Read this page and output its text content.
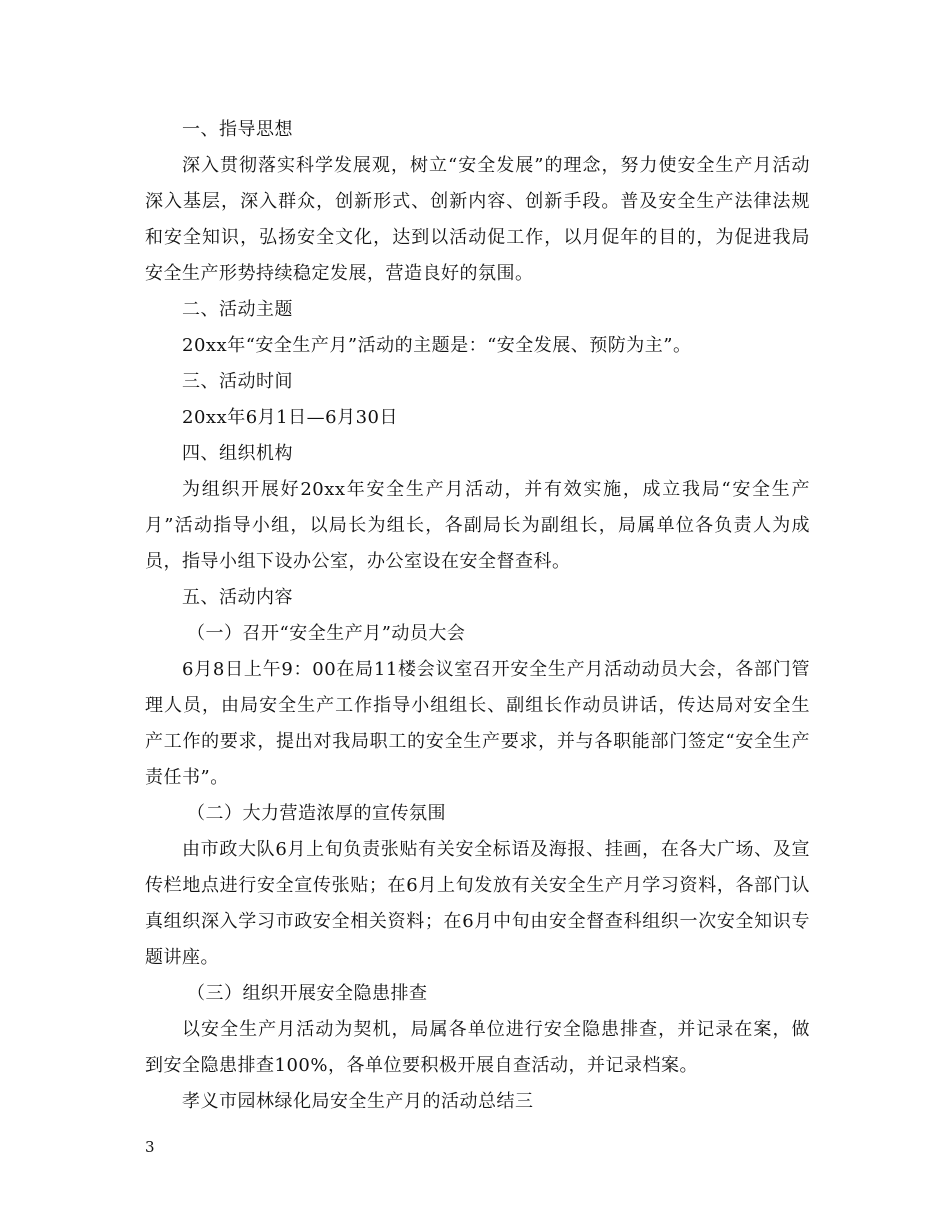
一、指导思想

深入贯彻落实科学发展观，树立“安全发展”的理念，努力使安全生产月活动深入基层，深入群众，创新形式、创新内容、创新手段。普及安全生产法律法规和安全知识，弘扬安全文化，达到以活动促工作，以月促年的目的，为促进我局安全生产形势持续稳定发展，营造良好的氛围。

二、活动主题

20xx年“安全生产月”活动的主题是：“安全发展、预防为主”。

三、活动时间

20xx年6月1日—6月30日

四、组织机构

为组织开展好20xx年安全生产月活动，并有效实施，成立我局“安全生产月”活动指导小组，以局长为组长，各副局长为副组长，局属单位各负责人为成员，指导小组下设办公室，办公室设在安全督查科。

五、活动内容

（一）召开“安全生产月”动员大会

6月8日上午9：00在局11楼会议室召开安全生产月活动动员大会，各部门管理人员，由局安全生产工作指导小组组长、副组长作动员讲话，传达局对安全生产工作的要求，提出对我局职工的安全生产要求，并与各职能部门签定“安全生产责任书”。

（二）大力营造浓厚的宣传氛围

由市政大队6月上旬负责张贴有关安全标语及海报、挂画，在各大广场、及宣传栏地点进行安全宣传张贴；在6月上旬发放有关安全生产月学习资料，各部门认真组织深入学习市政安全相关资料；在6月中旬由安全督查科组织一次安全知识专题讲座。

（三）组织开展安全隐患排查

以安全生产月活动为契机，局属各单位进行安全隐患排查，并记录在案，做到安全隐患排查100%，各单位要积极开展自查活动，并记录档案。

孝义市园林绿化局安全生产月的活动总结三

3
